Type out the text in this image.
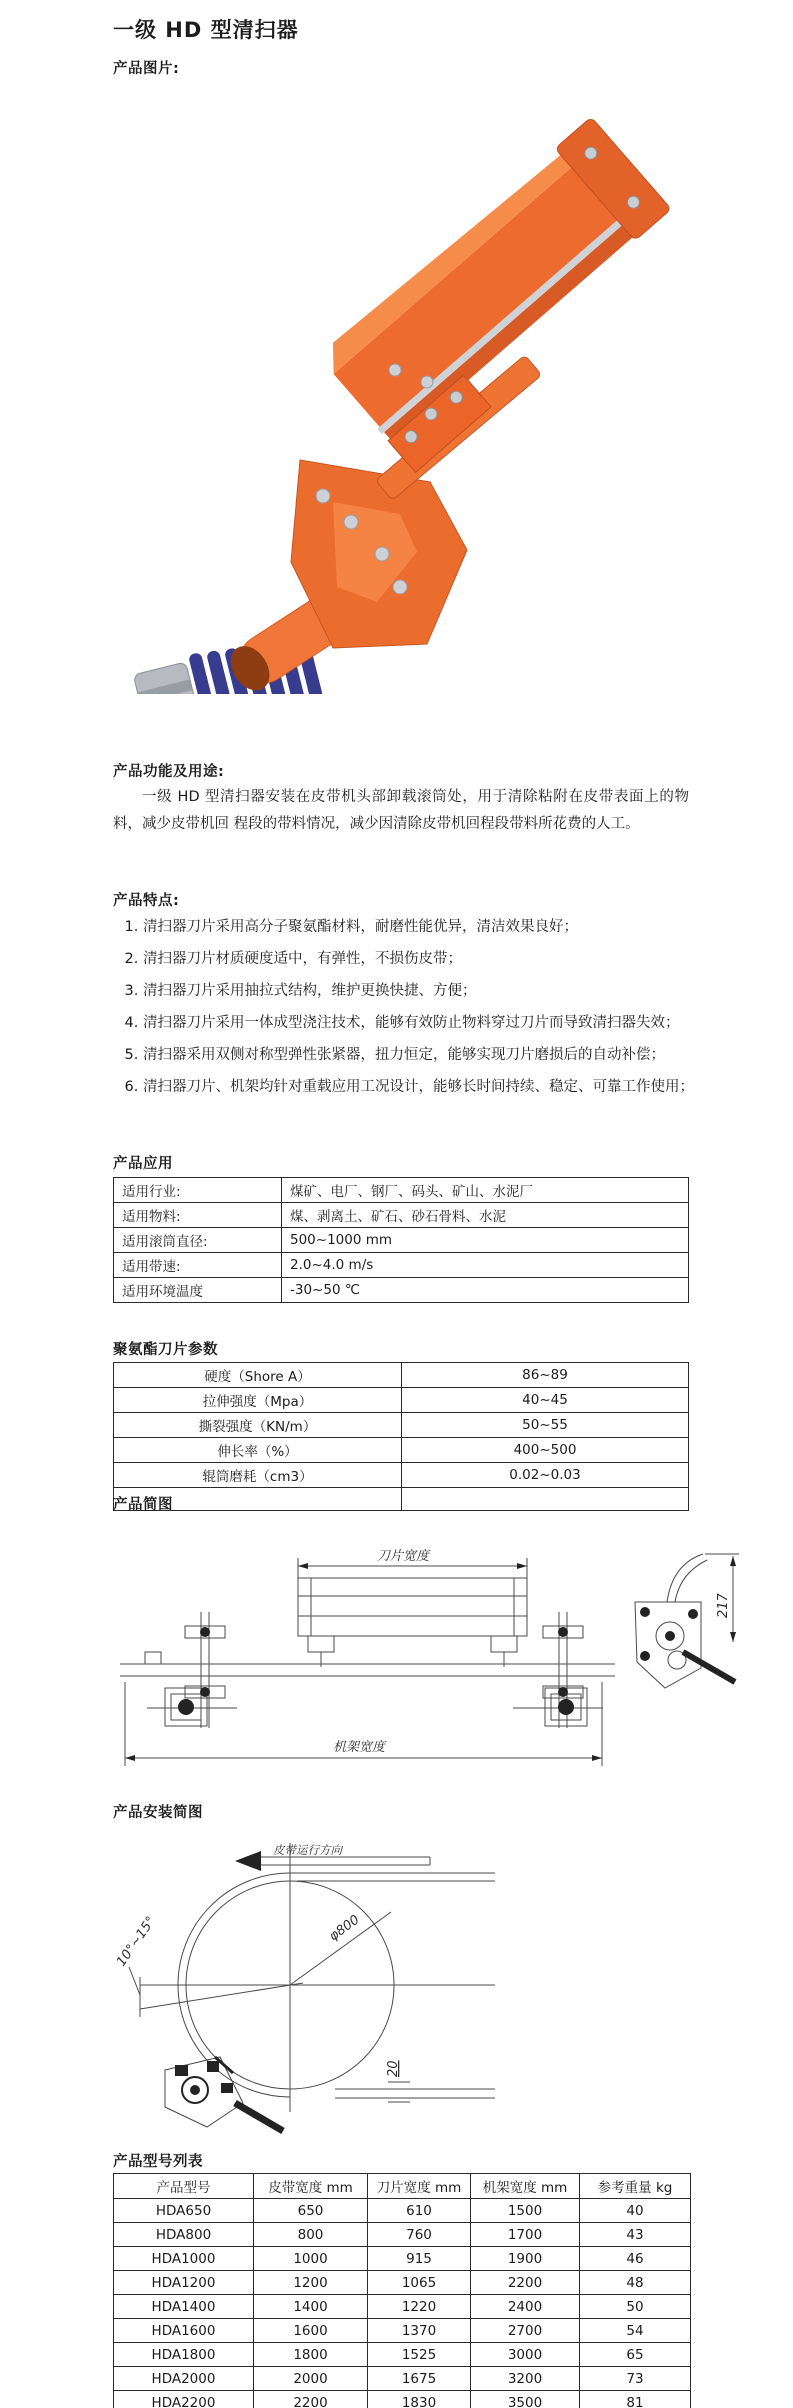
一级 HD 型清扫器
产品图片:
产品功能及用途:
一级 HD 型清扫器安装在皮带机头部卸载滚筒处，用于清除粘附在皮带表面上的物料，减少皮带机回 程段的带料情况，减少因清除皮带机回程段带料所花费的人工。
产品特点:
1. 清扫器刀片采用高分子聚氨酯材料，耐磨性能优异，清洁效果良好；
2. 清扫器刀片材质硬度适中，有弹性，不损伤皮带；
3. 清扫器刀片采用抽拉式结构，维护更换快捷、方便；
4. 清扫器刀片采用一体成型浇注技术，能够有效防止物料穿过刀片而导致清扫器失效；
5. 清扫器采用双侧对称型弹性张紧器，扭力恒定，能够实现刀片磨损后的自动补偿；
6. 清扫器刀片、机架均针对重载应用工况设计，能够长时间持续、稳定、可靠工作使用；
产品应用
适用行业:	煤矿、电厂、钢厂、码头、矿山、水泥厂
适用物料:	煤、剥离土、矿石、砂石骨料、水泥
适用滚筒直径:	500~1000 mm
适用带速:	2.0~4.0 m/s
适用环境温度	-30~50 ℃
聚氨酯刀片参数
硬度（Shore A）	86~89
拉伸强度（Mpa）	40~45
撕裂强度（KN/m）	50~55
伸长率（%）	400~500
辊筒磨耗（cm3）	0.02~0.03

产品简图
刀片宽度
机架宽度
217
产品安装简图
皮带运行方向
φ800
10°~15°
20
产品型号列表
产品型号	皮带宽度 mm	刀片宽度 mm	机架宽度 mm	参考重量 kg
HDA650	650	610	1500	40
HDA800	800	760	1700	43
HDA1000	1000	915	1900	46
HDA1200	1200	1065	2200	48
HDA1400	1400	1220	2400	50
HDA1600	1600	1370	2700	54
HDA1800	1800	1525	3000	65
HDA2000	2000	1675	3200	73
HDA2200	2200	1830	3500	81
